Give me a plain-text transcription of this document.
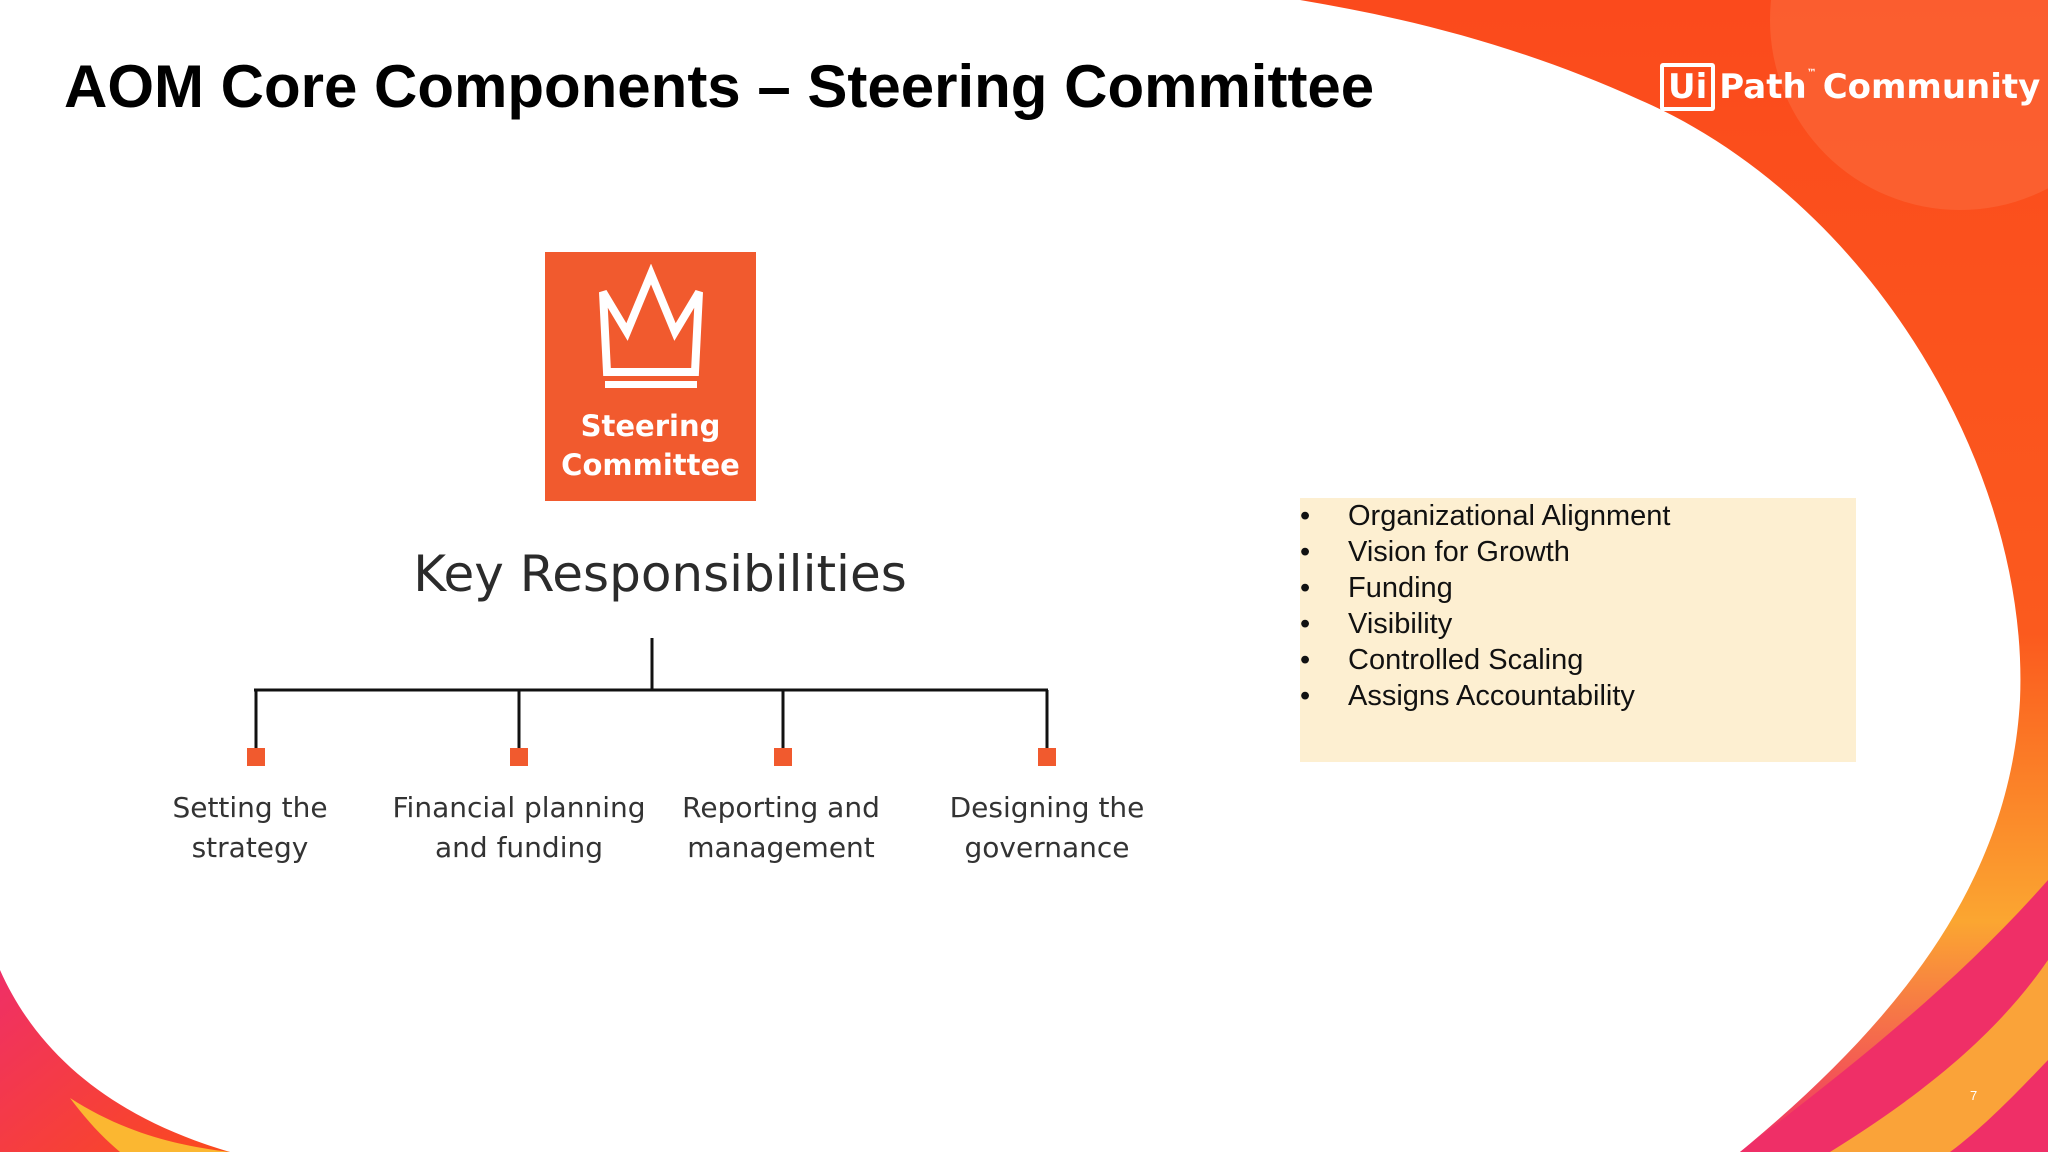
AOM Core Components – Steering Committee	Ui Path ™ Community
Steering
Committee
Key Responsibilities
Setting the
strategy
Financial planning
and funding
Reporting and
management
Designing the
governance
• Organizational Alignment
• Vision for Growth
• Funding
• Visibility
• Controlled Scaling
• Assigns Accountability
7
